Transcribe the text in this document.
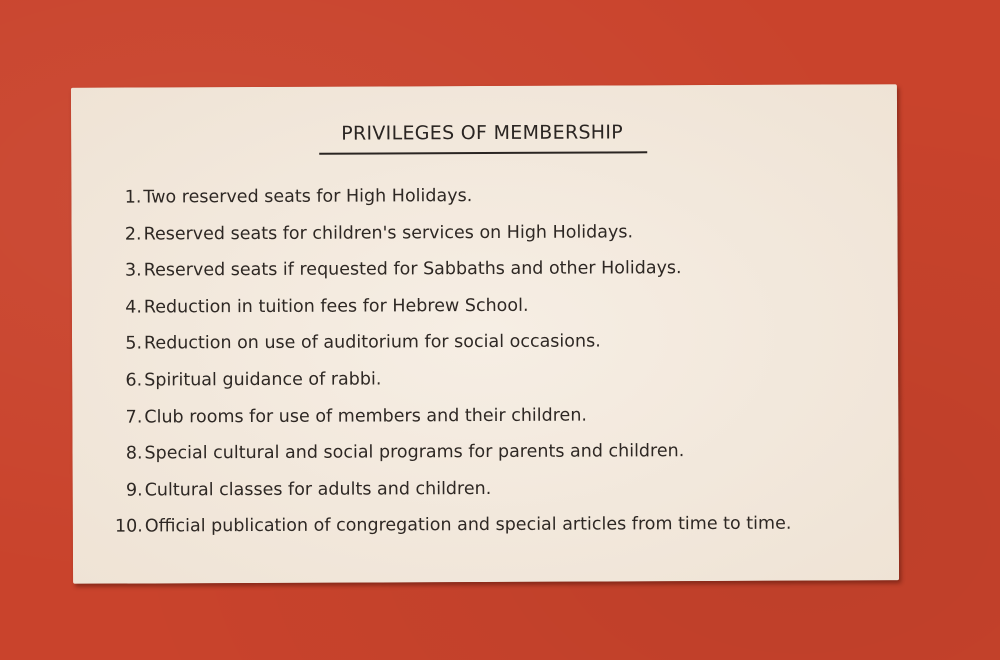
PRIVILEGES OF MEMBERSHIP
1. Two reserved seats for High Holidays.
2. Reserved seats for children's services on High Holidays.
3. Reserved seats if requested for Sabbaths and other Holidays.
4. Reduction in tuition fees for Hebrew School.
5. Reduction on use of auditorium for social occasions.
6. Spiritual guidance of rabbi.
7. Club rooms for use of members and their children.
8. Special cultural and social programs for parents and children.
9. Cultural classes for adults and children.
10. Official publication of congregation and special articles from time to time.
